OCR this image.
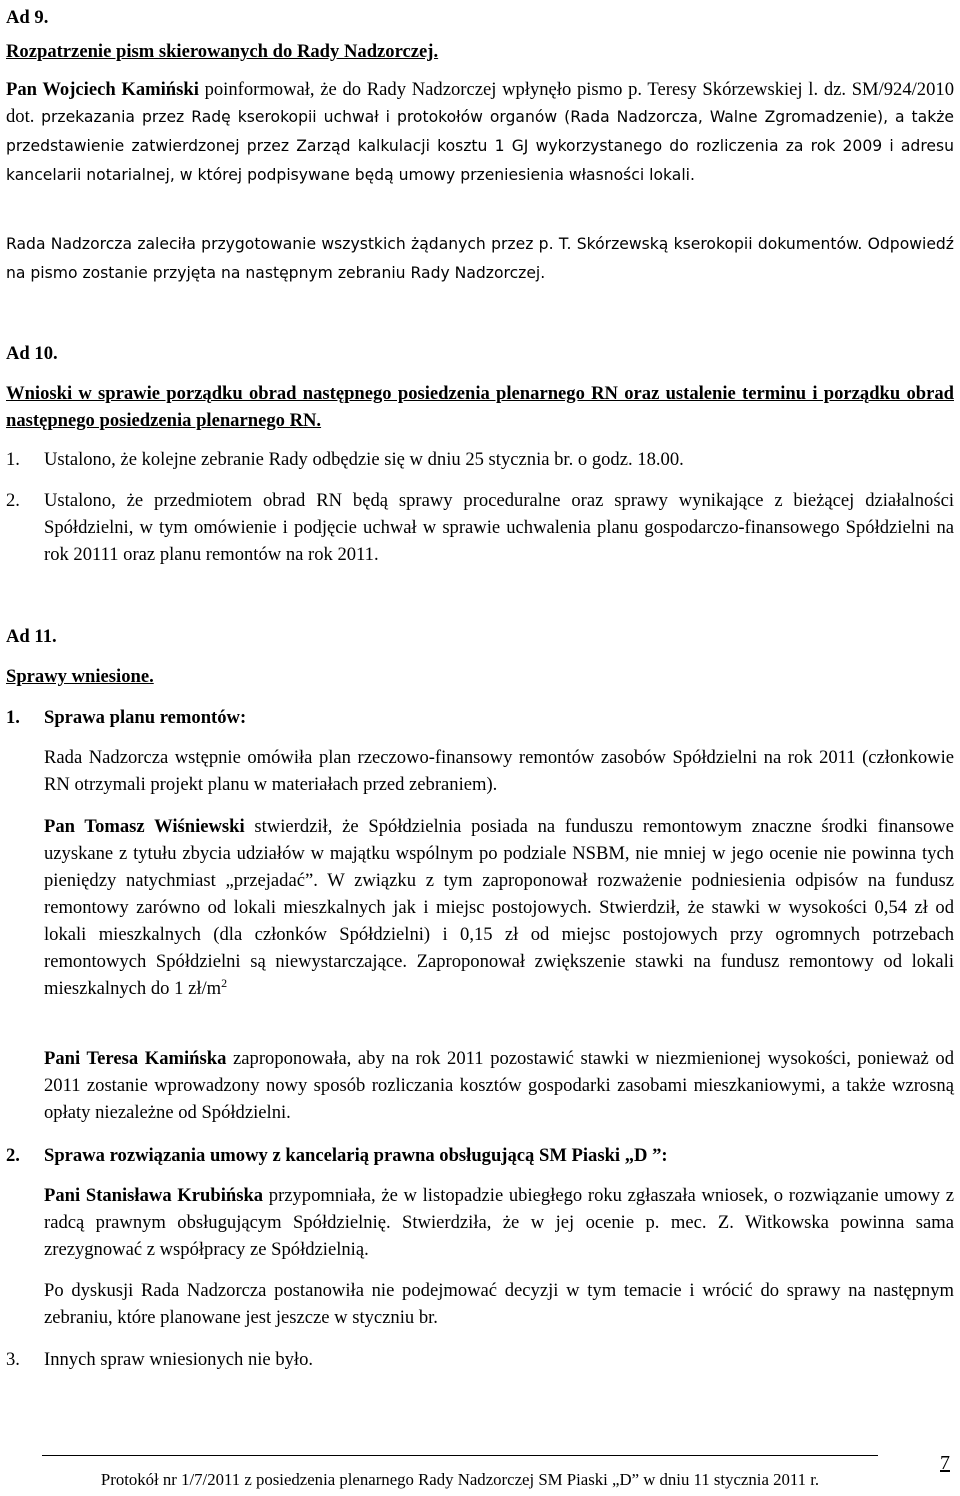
Ad 9.
Rozpatrzenie pism skierowanych do Rady Nadzorczej.

Pan Wojciech Kamiński poinformował, że do Rady Nadzorczej wpłynęło pismo p. Teresy Skórzewskiej l. dz. SM/924/2010 dot. przekazania przez Radę kserokopii uchwał i protokołów organów (Rada Nadzorcza, Walne Zgromadzenie), a także przedstawienie zatwierdzonej przez Zarząd kalkulacji kosztu 1 GJ wykorzystanego do rozliczenia za rok 2009 i adresu kancelarii notarialnej, w której podpisywane będą umowy przeniesienia własności lokali.

Rada Nadzorcza zaleciła przygotowanie wszystkich żądanych przez p. T. Skórzewską kserokopii dokumentów. Odpowiedź na pismo zostanie przyjęta na następnym zebraniu Rady Nadzorczej.

Ad 10.

Wnioski w sprawie porządku obrad następnego posiedzenia plenarnego RN oraz ustalenie terminu i porządku obrad następnego posiedzenia plenarnego RN.

1. Ustalono, że kolejne zebranie Rady odbędzie się w dniu 25 stycznia br. o godz. 18.00.
2. Ustalono, że przedmiotem obrad RN będą sprawy proceduralne oraz sprawy wynikające z bieżącej działalności Spółdzielni, w tym omówienie i podjęcie uchwał w sprawie uchwalenia planu gospodarczo-finansowego Spółdzielni na rok 20111 oraz planu remontów na rok 2011.
Ad 11.
Sprawy wniesione.
1. Sprawa planu remontów:

Rada Nadzorcza wstępnie omówiła plan rzeczowo-finansowy remontów zasobów Spółdzielni na rok 2011 (członkowie RN otrzymali projekt planu w materiałach przed zebraniem).

Pan Tomasz Wiśniewski stwierdził, że Spółdzielnia posiada na funduszu remontowym znaczne środki finansowe uzyskane z tytułu zbycia udziałów w majątku wspólnym po podziale NSBM, nie mniej w jego ocenie nie powinna tych pieniędzy natychmiast „przejadać”. W związku z tym zaproponował rozważenie podniesienia odpisów na fundusz remontowy zarówno od lokali mieszkalnych jak i miejsc postojowych. Stwierdził, że stawki w wysokości 0,54 zł od lokali mieszkalnych (dla członków Spółdzielni) i 0,15 zł od miejsc postojowych przy ogromnych potrzebach remontowych Spółdzielni są niewystarczające. Zaproponował zwiększenie stawki na fundusz remontowy od lokali mieszkalnych do 1 $zł/m^2$

Pani Teresa Kamińska zaproponowała, aby na rok 2011 pozostawić stawki w niezmienionej wysokości, ponieważ od 2011 zostanie wprowadzony nowy sposób rozliczania kosztów gospodarki zasobami mieszkaniowymi, a także wzrosną opłaty niezależne od Spółdzielni.

2. Sprawa rozwiązania umowy z kancelarią prawna obsługującą SM Piaski „D ”:

Pani Stanisława Krubińska przypomniała, że w listopadzie ubiegłego roku zgłaszała wniosek, o rozwiązanie umowy z radcą prawnym obsługującym Spółdzielnię. Stwierdziła, że w jej ocenie p. mec. Z. Witkowska powinna sama zrezygnować z współpracy ze Spółdzielnią.

Po dyskusji Rada Nadzorcza postanowiła nie podejmować decyzji w tym temacie i wrócić do sprawy na następnym zebraniu, które planowane jest jeszcze w styczniu br.

3. Innych spraw wniesionych nie było.
Protokół nr 1/7/2011 z posiedzenia plenarnego Rady Nadzorczej SM Piaski „D” w dniu 11 stycznia 2011 r.
7
